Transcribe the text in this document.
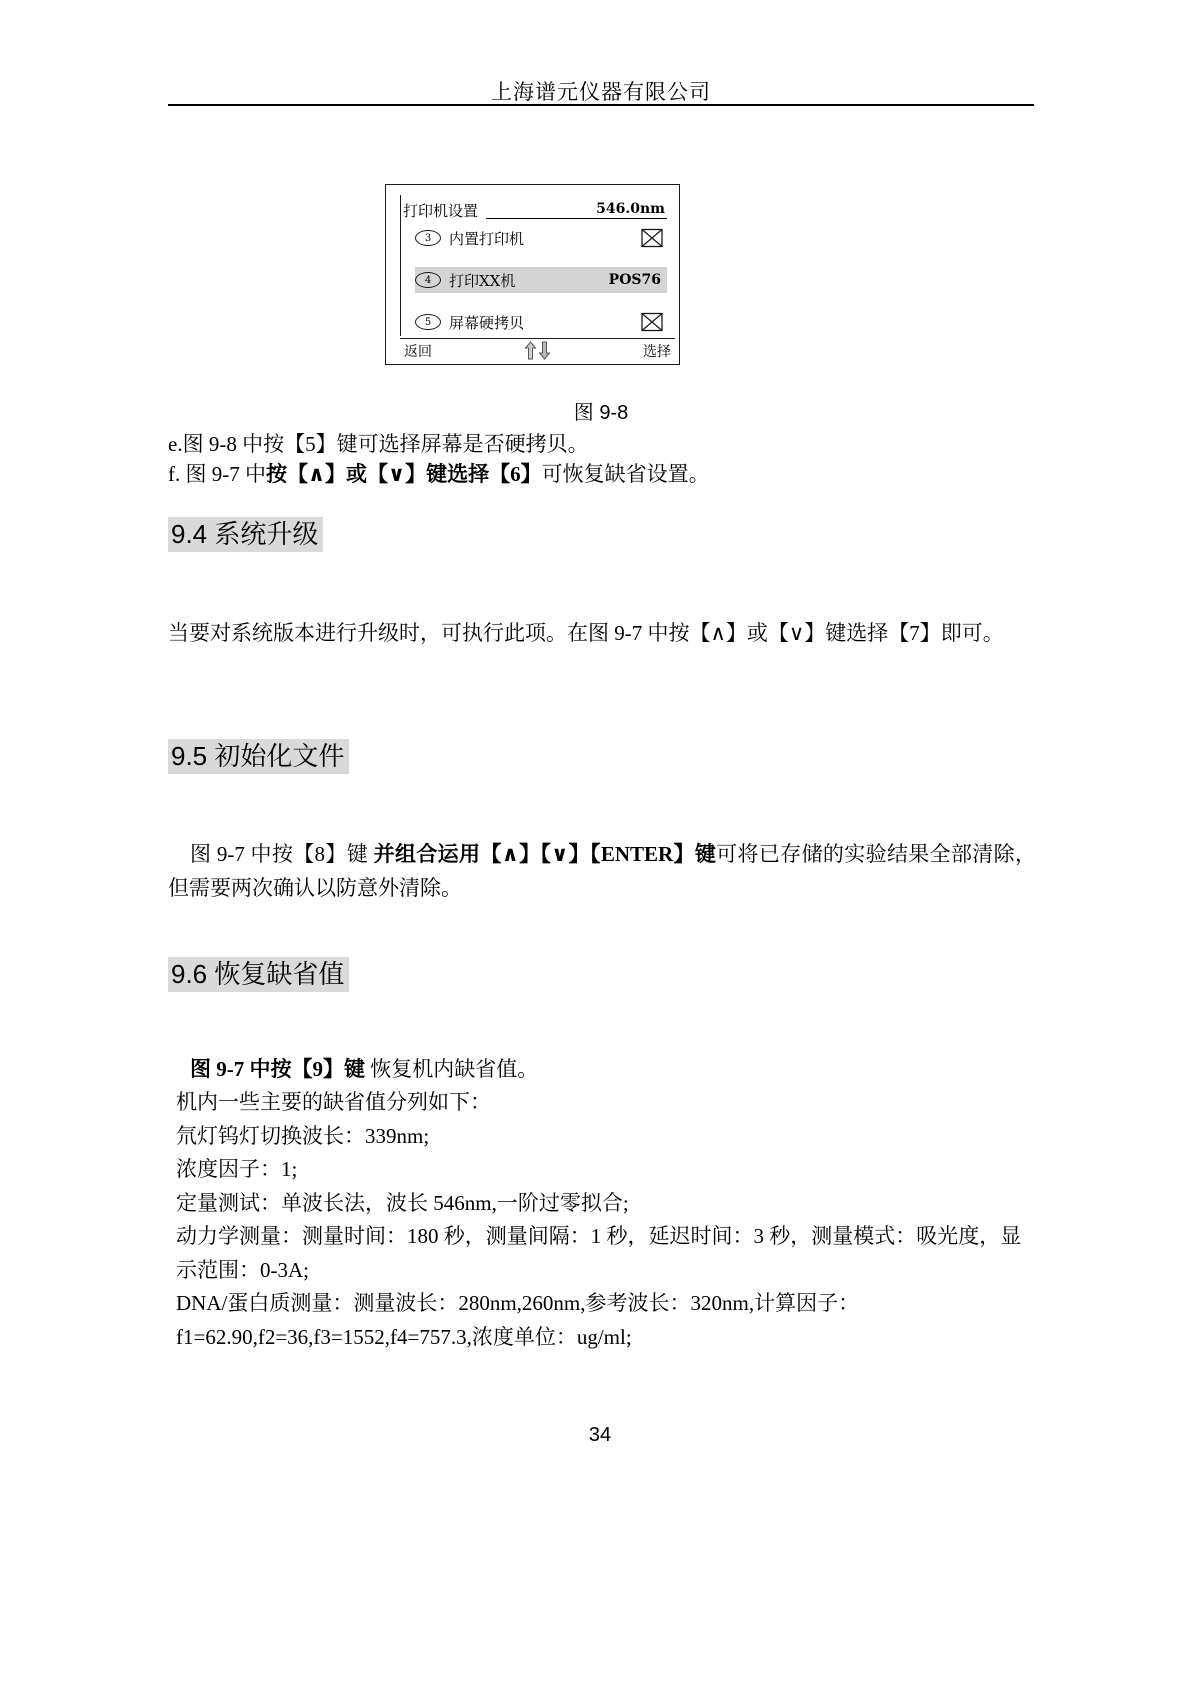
上海谱元仪器有限公司
打印机设置	546.0nm
3	内置打印机
4	打印XX机	POS76
5	屏幕硬拷贝
返回	选择
图 9-8
e.图 9-8 中按【5】键可选择屏幕是否硬拷贝。
f. 图 9-7 中按【∧】或【∨】键选择【6】可恢复缺省设置。
9.4 系统升级
当要对系统版本进行升级时，可执行此项。在图 9-7 中按【∧】或【∨】键选择【7】即可。
9.5 初始化文件
图 9-7 中按【8】键 并组合运用【∧】【∨】【ENTER】键可将已存储的实验结果全部清除，但需要两次确认以防意外清除。
9.6 恢复缺省值
图 9-7 中按【9】键 恢复机内缺省值。
机内一些主要的缺省值分列如下：
氘灯钨灯切换波长：339nm;
浓度因子：1;
定量测试：单波长法，波长 546nm,一阶过零拟合;
动力学测量：测量时间：180 秒，测量间隔：1 秒，延迟时间：3 秒，测量模式：吸光度，显示范围：0-3A;
DNA/蛋白质测量：测量波长：280nm,260nm,参考波长：320nm,计算因子：f1=62.90,f2=36,f3=1552,f4=757.3,浓度单位：ug/ml;
34
